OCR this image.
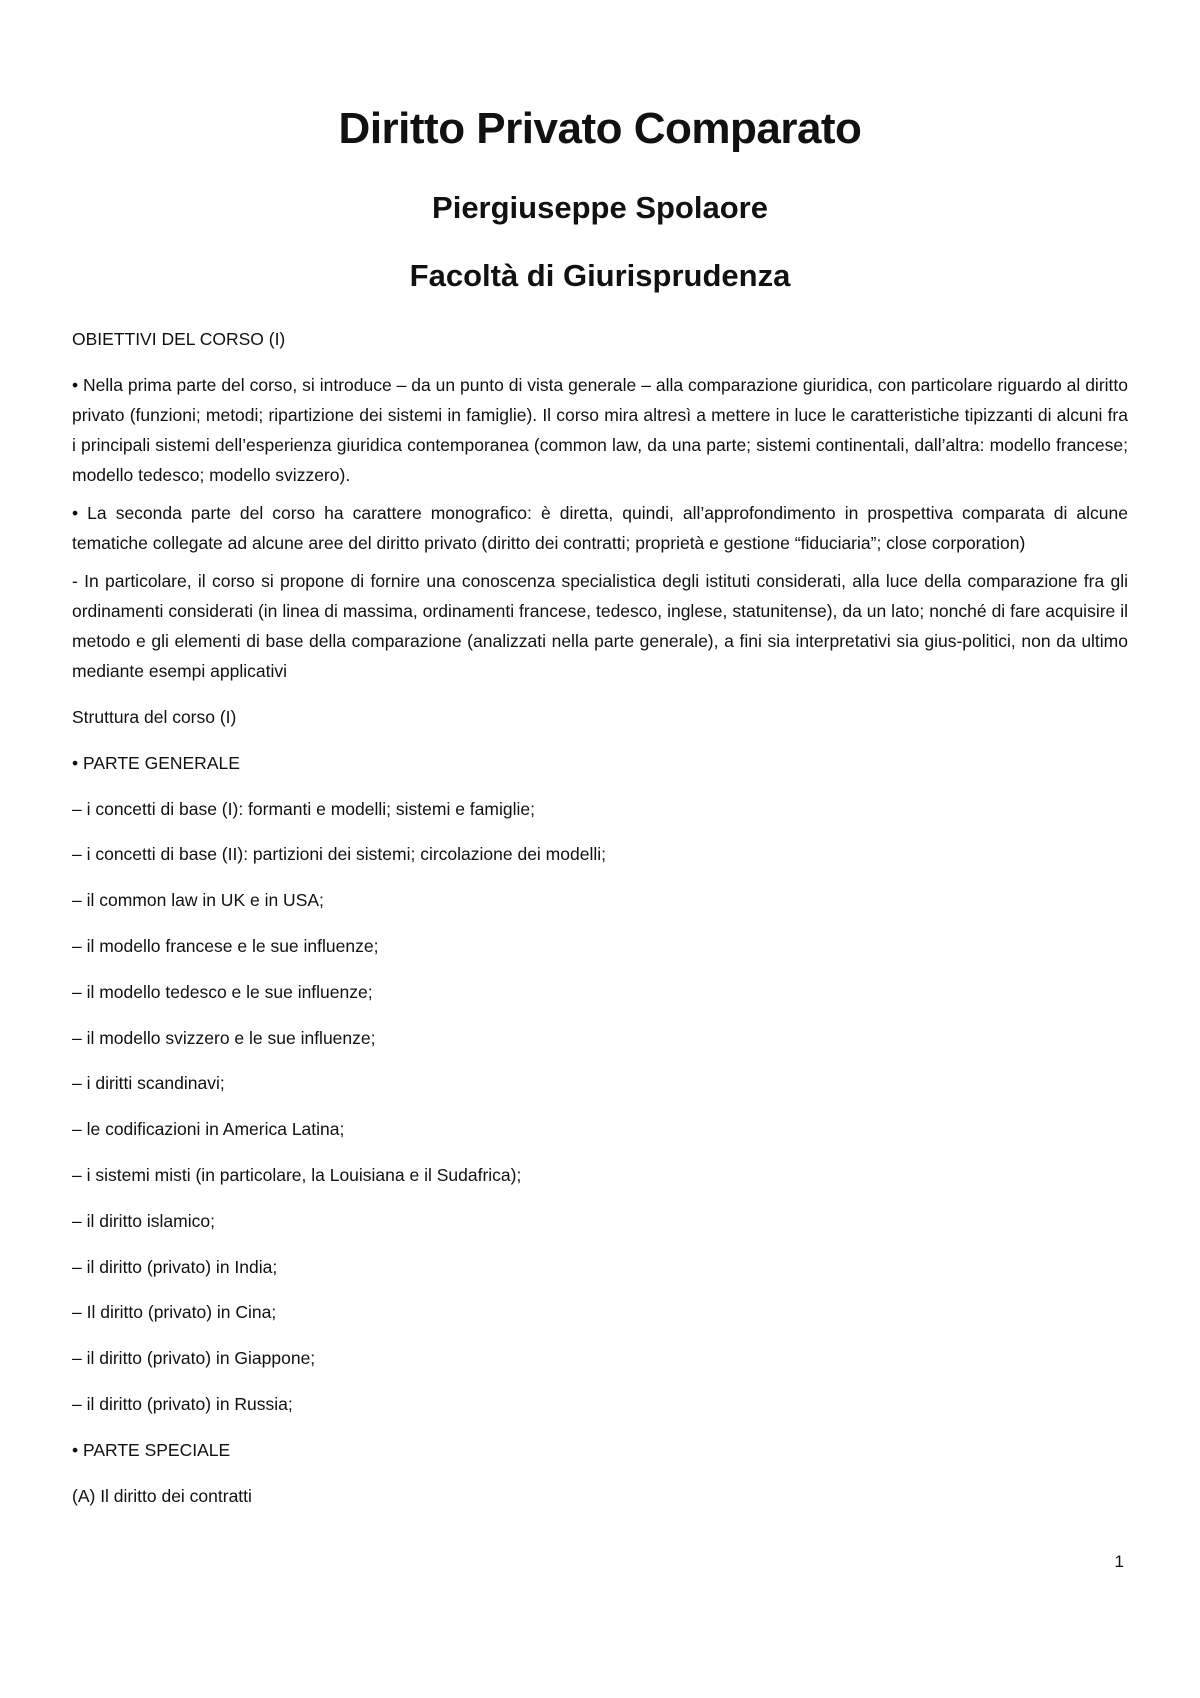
Diritto Privato Comparato
Piergiuseppe Spolaore
Facoltà di Giurisprudenza

OBIETTIVI DEL CORSO (I)

• Nella prima parte del corso, si introduce – da un punto di vista generale – alla comparazione giuridica, con particolare riguardo al diritto privato (funzioni; metodi; ripartizione dei sistemi in famiglie). Il corso mira altresì a mettere in luce le caratteristiche tipizzanti di alcuni fra i principali sistemi dell’esperienza giuridica contemporanea (common law, da una parte; sistemi continentali, dall’altra: modello francese; modello tedesco; modello svizzero).

• La seconda parte del corso ha carattere monografico: è diretta, quindi, all’approfondimento in prospettiva comparata di alcune tematiche collegate ad alcune aree del diritto privato (diritto dei contratti; proprietà e gestione “fiduciaria”; close corporation)

- In particolare, il corso si propone di fornire una conoscenza specialistica degli istituti considerati, alla luce della comparazione fra gli ordinamenti considerati (in linea di massima, ordinamenti francese, tedesco, inglese, statunitense), da un lato; nonché di fare acquisire il metodo e gli elementi di base della comparazione (analizzati nella parte generale), a fini sia interpretativi sia gius-politici, non da ultimo mediante esempi applicativi

Struttura del corso (I)

• PARTE GENERALE

– i concetti di base (I): formanti e modelli; sistemi e famiglie;

– i concetti di base (II): partizioni dei sistemi; circolazione dei modelli;

– il common law in UK e in USA;

– il modello francese e le sue influenze;

– il modello tedesco e le sue influenze;

– il modello svizzero e le sue influenze;

– i diritti scandinavi;

– le codificazioni in America Latina;

– i sistemi misti (in particolare, la Louisiana e il Sudafrica);

– il diritto islamico;

– il diritto (privato) in India;

– Il diritto (privato) in Cina;

– il diritto (privato) in Giappone;

– il diritto (privato) in Russia;

• PARTE SPECIALE

(A) Il diritto dei contratti

1
